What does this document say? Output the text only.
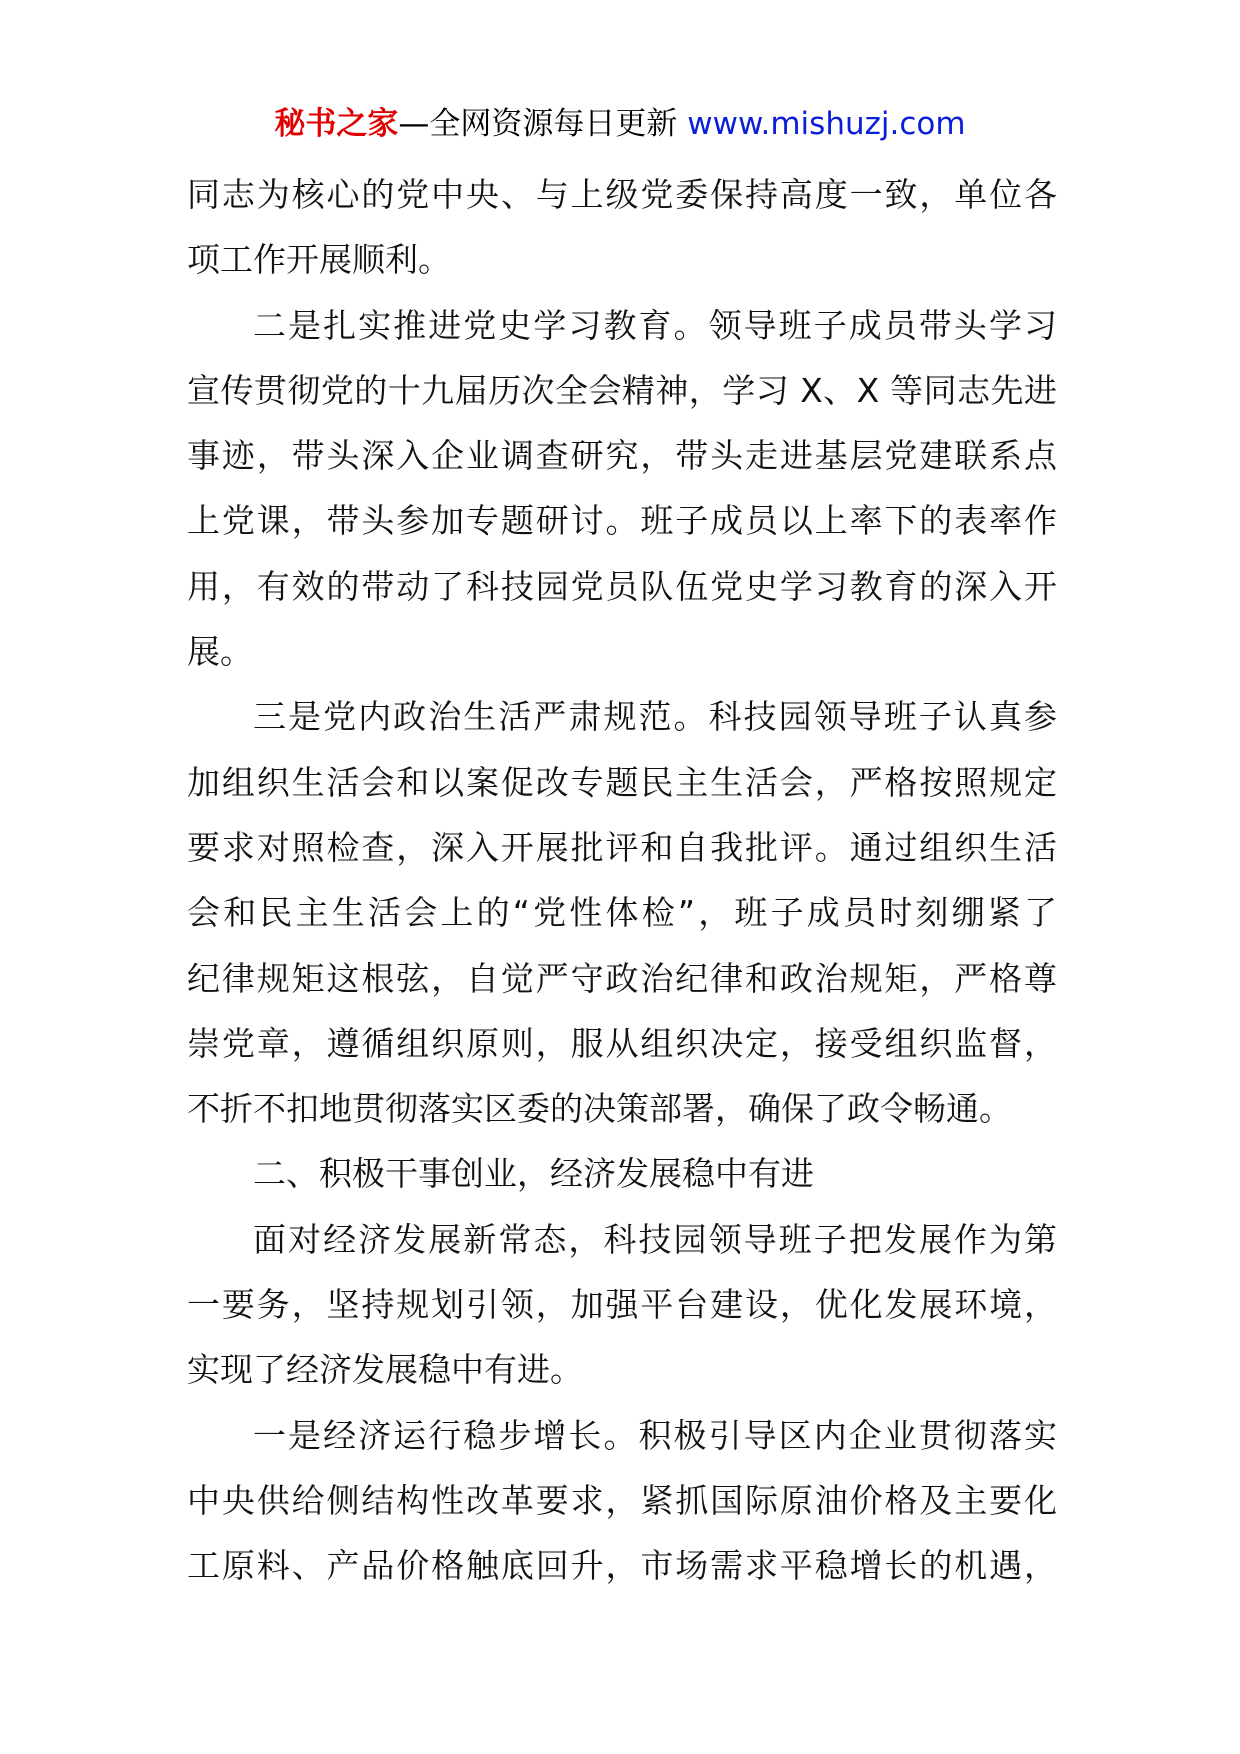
秘书之家—全网资源每日更新 www.mishuzj.com
同志为核心的党中央、与上级党委保持高度一致，单位各
项工作开展顺利。
二是扎实推进党史学习教育。领导班子成员带头学习
宣传贯彻党的十九届历次全会精神，学习 X、X 等同志先进
事迹，带头深入企业调查研究，带头走进基层党建联系点
上党课，带头参加专题研讨。班子成员以上率下的表率作
用，有效的带动了科技园党员队伍党史学习教育的深入开
展。
三是党内政治生活严肃规范。科技园领导班子认真参
加组织生活会和以案促改专题民主生活会，严格按照规定
要求对照检查，深入开展批评和自我批评。通过组织生活
会和民主生活会上的“党性体检”，班子成员时刻绷紧了
纪律规矩这根弦，自觉严守政治纪律和政治规矩，严格尊
崇党章，遵循组织原则，服从组织决定，接受组织监督，
不折不扣地贯彻落实区委的决策部署，确保了政令畅通。
二、积极干事创业，经济发展稳中有进
面对经济发展新常态，科技园领导班子把发展作为第
一要务，坚持规划引领，加强平台建设，优化发展环境，
实现了经济发展稳中有进。
一是经济运行稳步增长。积极引导区内企业贯彻落实
中央供给侧结构性改革要求，紧抓国际原油价格及主要化
工原料、产品价格触底回升，市场需求平稳增长的机遇，
